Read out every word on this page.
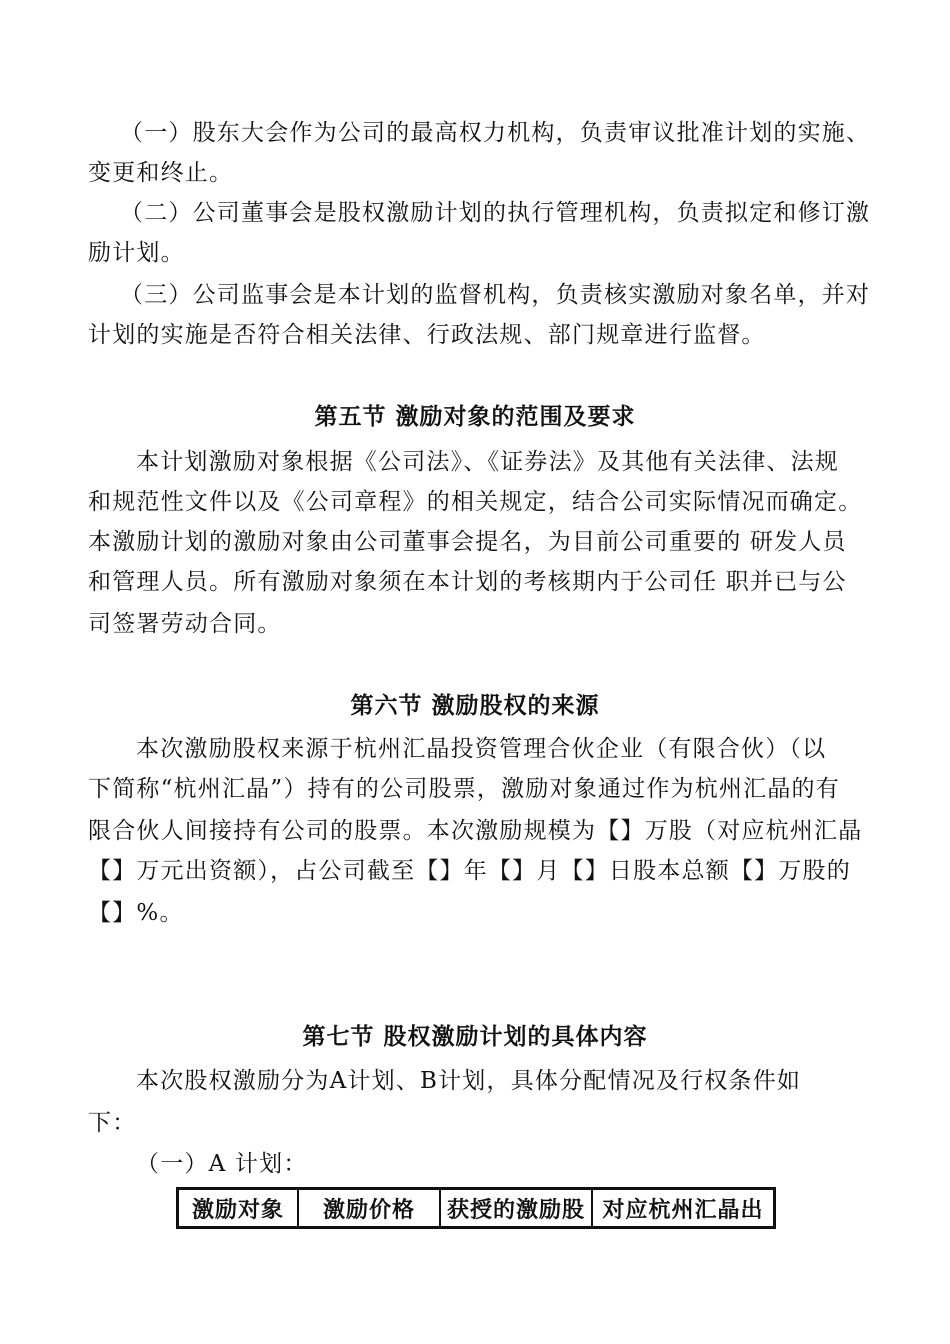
（一）股东大会作为公司的最高权力机构，负责审议批准计划的实施、
变更和终止。
（二）公司董事会是股权激励计划的执行管理机构，负责拟定和修订激
励计划。
（三）公司监事会是本计划的监督机构，负责核实激励对象名单，并对
计划的实施是否符合相关法律、行政法规、部门规章进行监督。
第五节 激励对象的范围及要求
本计划激励对象根据《公司法》、《证券法》及其他有关法律、法规
和规范性文件以及《公司章程》的相关规定，结合公司实际情况而确定。
本激励计划的激励对象由公司董事会提名，为目前公司重要的 研发人员
和管理人员。所有激励对象须在本计划的考核期内于公司任 职并已与公
司签署劳动合同。
第六节 激励股权的来源
本次激励股权来源于杭州汇晶投资管理合伙企业（有限合伙）（以
下简称“杭州汇晶”）持有的公司股票，激励对象通过作为杭州汇晶的有
限合伙人间接持有公司的股票。本次激励规模为【】万股（对应杭州汇晶
【】万元出资额），占公司截至【】年【】月【】日股本总额【】万股的
【】%。
第七节 股权激励计划的具体内容
本次股权激励分为A计划、B计划，具体分配情况及行权条件如
下：
（一）A 计划：
激励对象	激励价格	获授的激励股	对应杭州汇晶出
